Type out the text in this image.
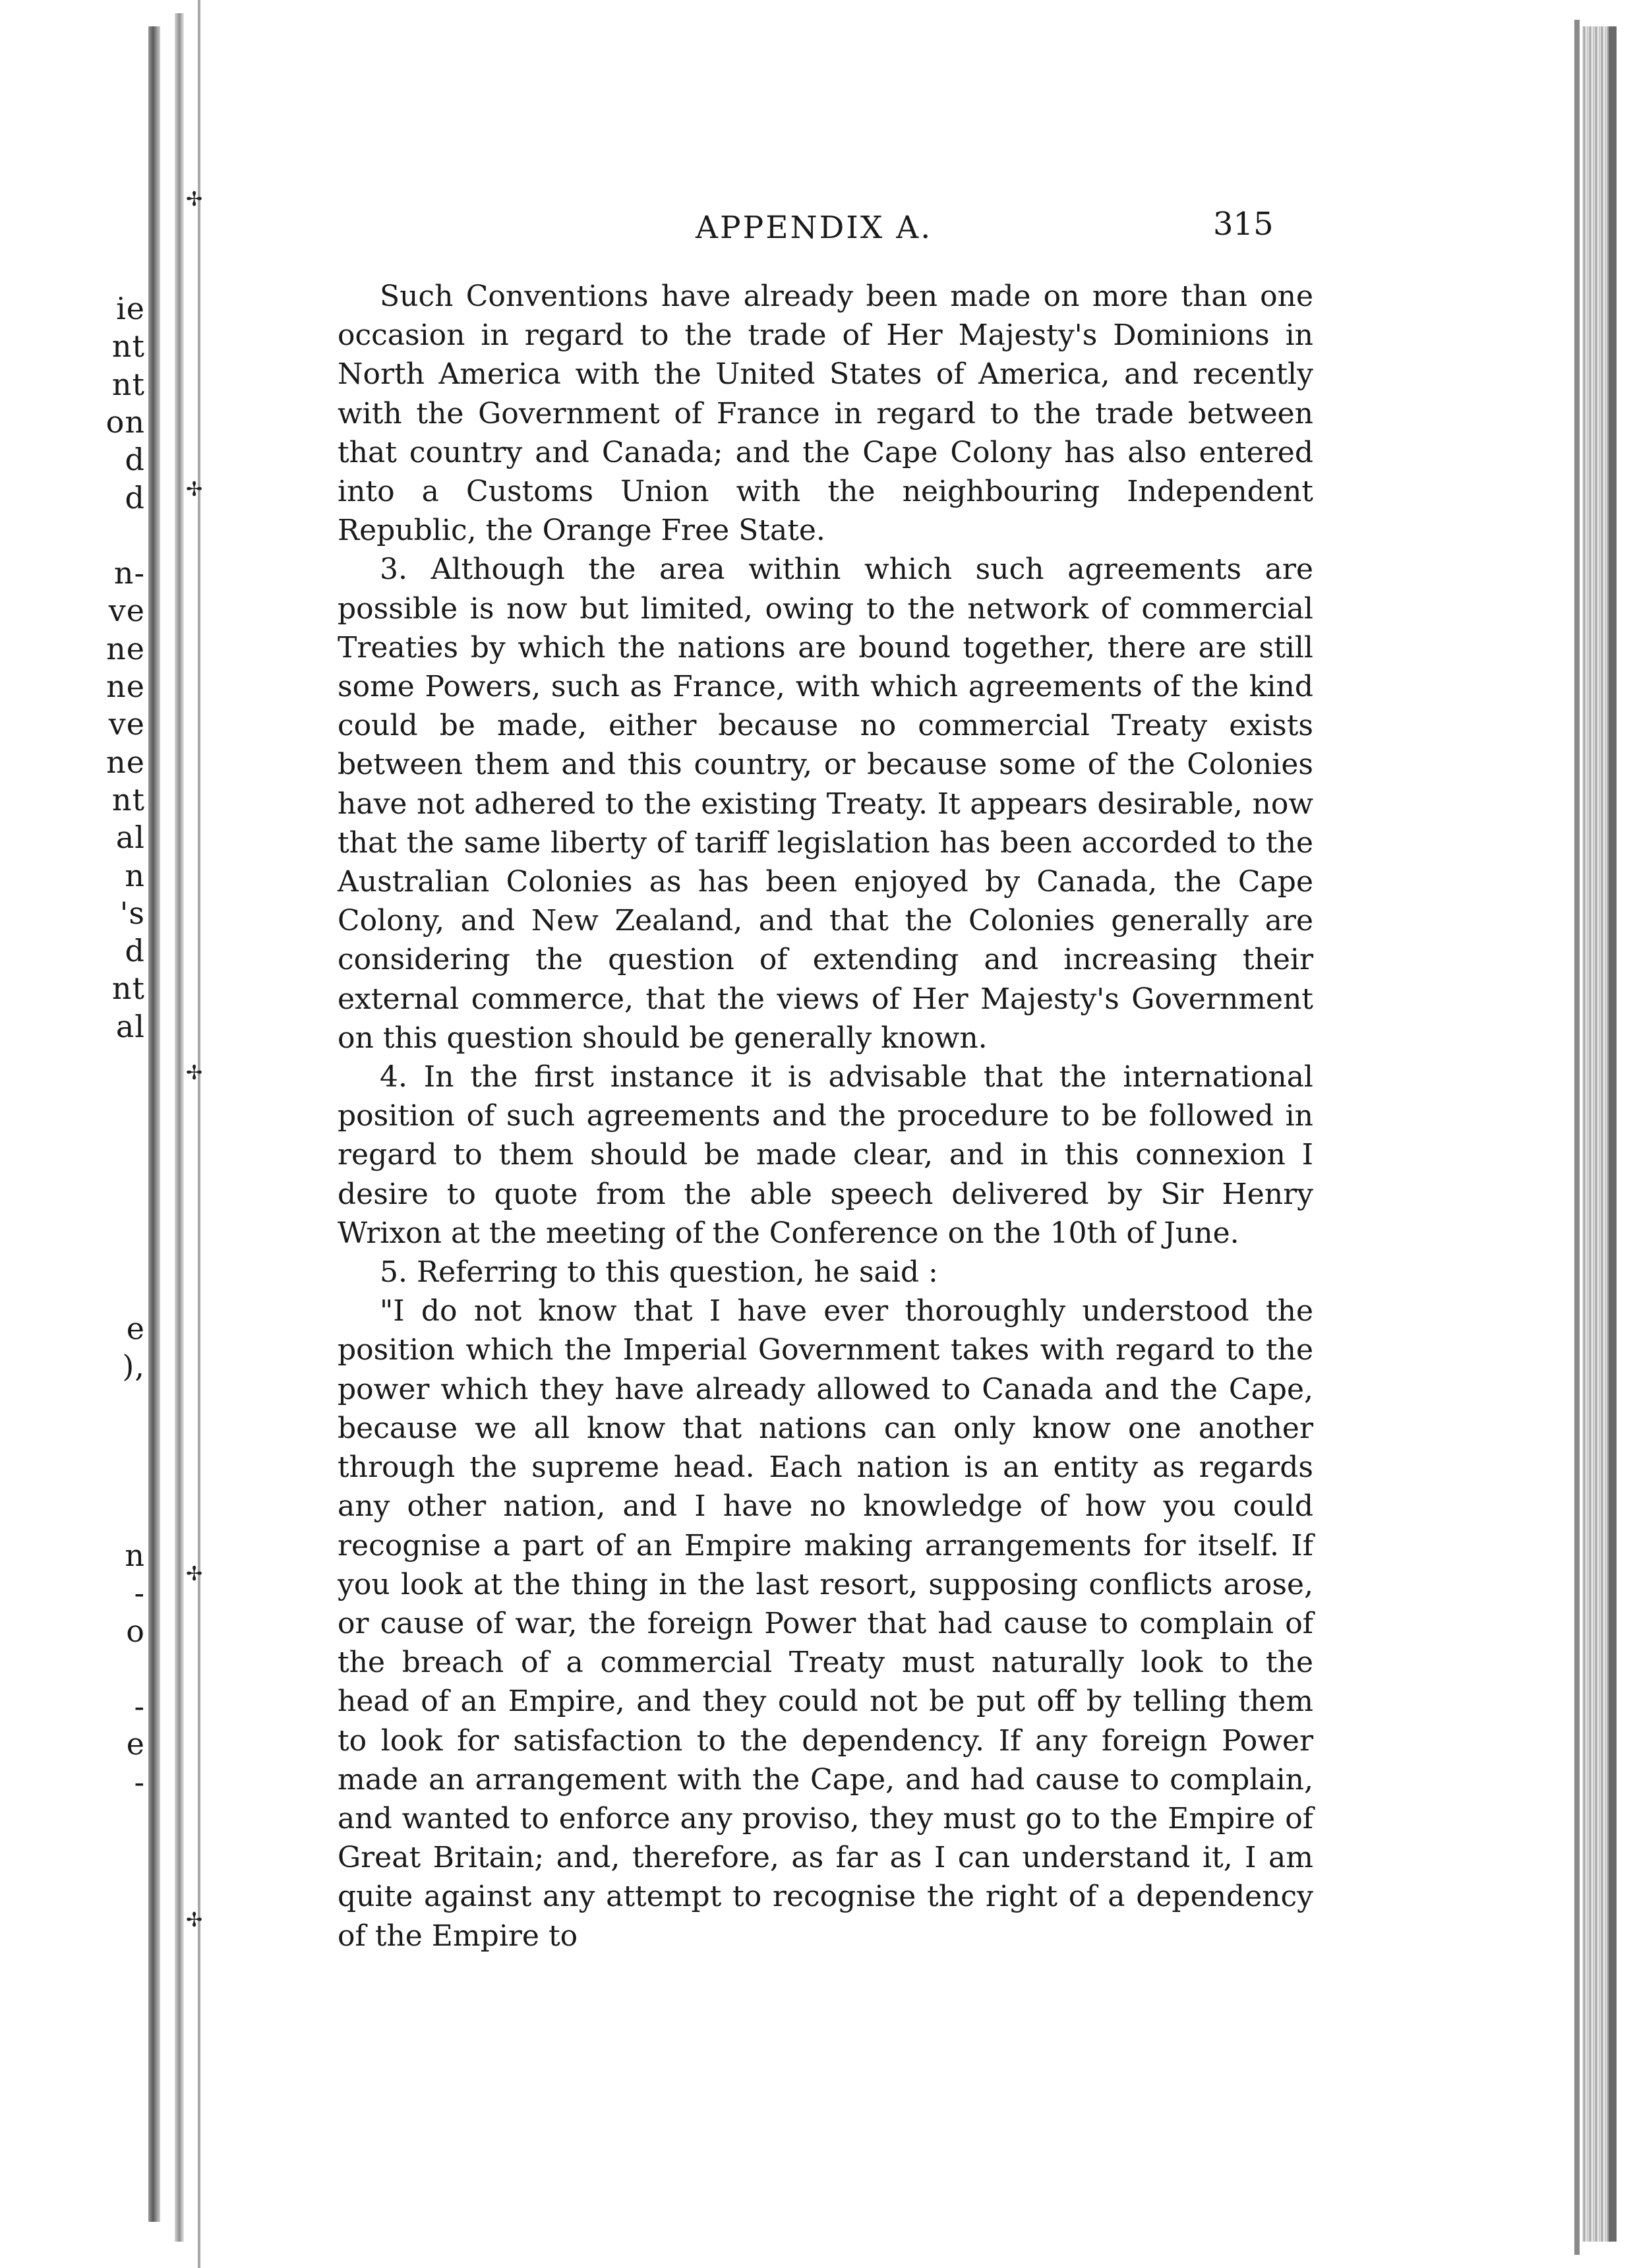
ie
nt
nt
on
d
d
n-
ve
ne
ne
ve
ne
nt
al
n
's
d
nt
al
e
),
n
-
o
-
e
-
✢
✢
✢
✢
✢
APPENDIX A.	315

Such Conventions have already been made on more than one occasion in regard to the trade of Her Majesty's Dominions in North America with the United States of America, and recently with the Government of France in regard to the trade between that country and Canada; and the Cape Colony has also entered into a Customs Union with the neighbouring Independent Republic, the Orange Free State.

3. Although the area within which such agreements are possible is now but limited, owing to the network of commercial Treaties by which the nations are bound together, there are still some Powers, such as France, with which agreements of the kind could be made, either because no commercial Treaty exists between them and this country, or because some of the Colonies have not adhered to the existing Treaty. It appears desirable, now that the same liberty of tariff legislation has been accorded to the Australian Colonies as has been enjoyed by Canada, the Cape Colony, and New Zealand, and that the Colonies generally are considering the question of extending and increasing their external commerce, that the views of Her Majesty's Government on this question should be generally known.

4. In the first instance it is advisable that the international position of such agreements and the procedure to be followed in regard to them should be made clear, and in this connexion I desire to quote from the able speech delivered by Sir Henry Wrixon at the meeting of the Conference on the 10th of June.

5. Referring to this question, he said :

"I do not know that I have ever thoroughly understood the position which the Imperial Government takes with regard to the power which they have already allowed to Canada and the Cape, because we all know that nations can only know one another through the supreme head. Each nation is an entity as regards any other nation, and I have no knowledge of how you could recognise a part of an Empire making arrangements for itself. If you look at the thing in the last resort, supposing conflicts arose, or cause of war, the foreign Power that had cause to complain of the breach of a commercial Treaty must naturally look to the head of an Empire, and they could not be put off by telling them to look for satisfaction to the dependency. If any foreign Power made an arrangement with the Cape, and had cause to complain, and wanted to enforce any proviso, they must go to the Empire of Great Britain; and, therefore, as far as I can understand it, I am quite against any attempt to recognise the right of a dependency of the Empire to
